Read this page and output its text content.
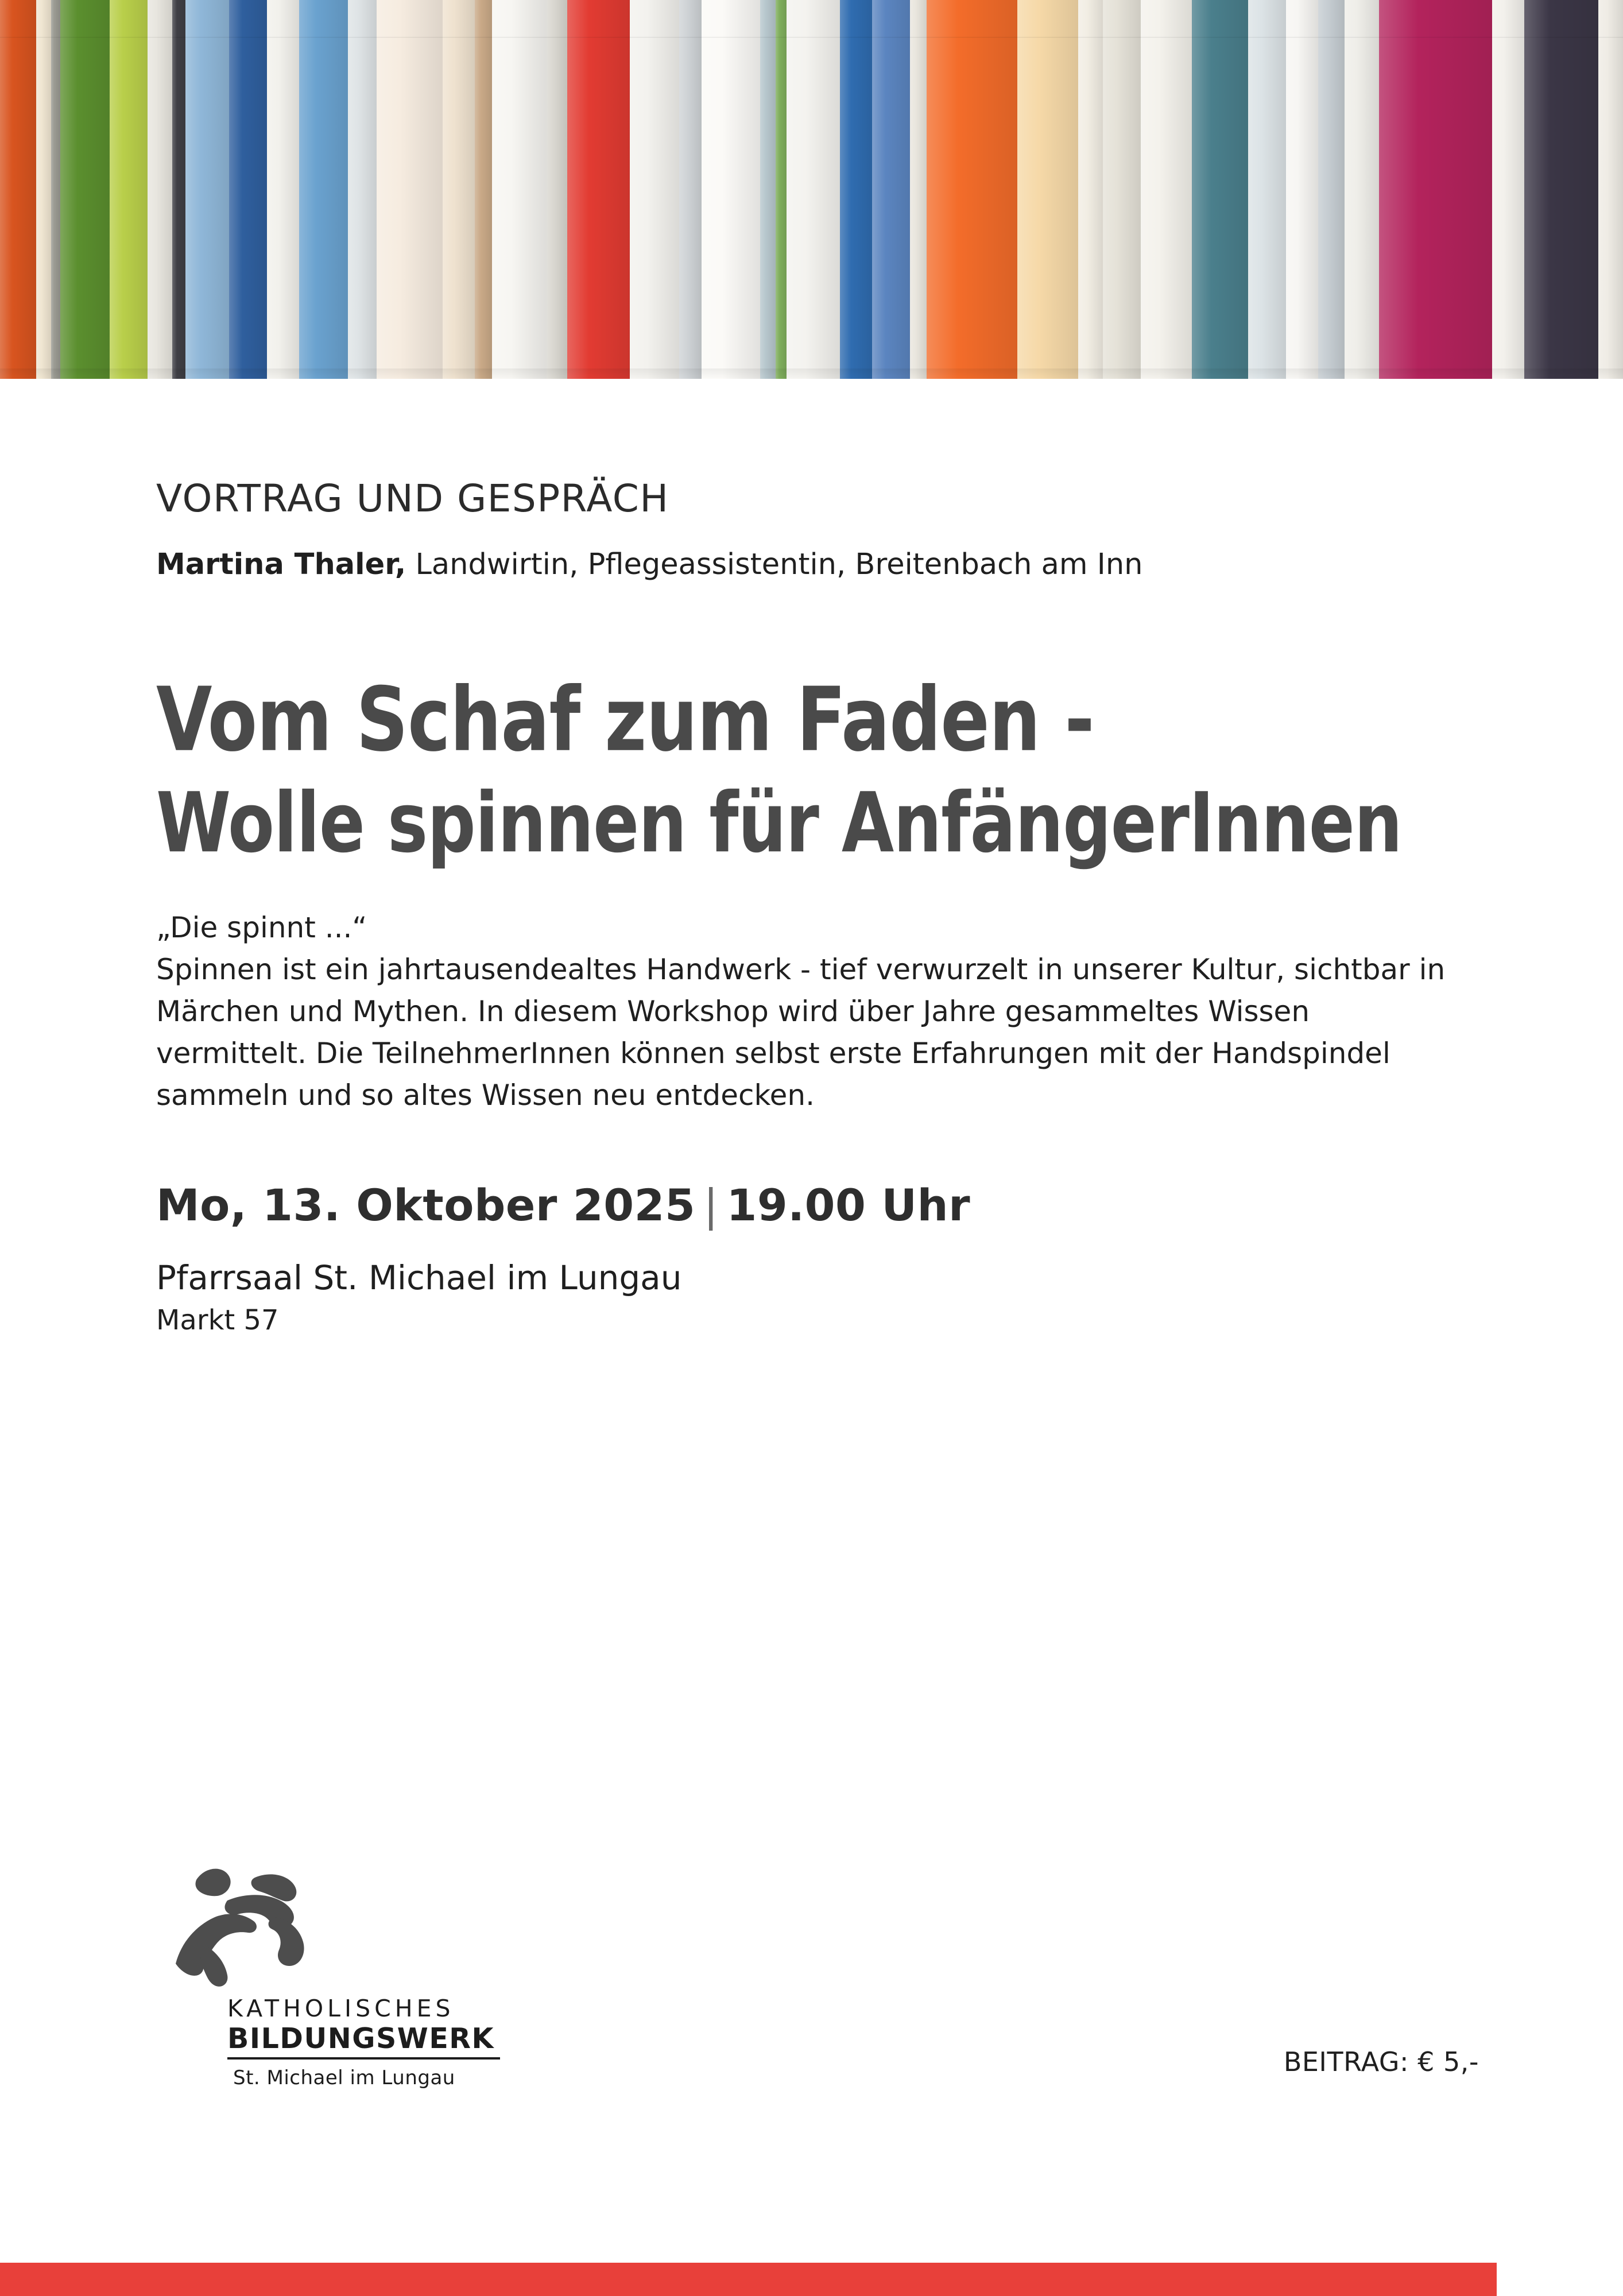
VORTRAG UND GESPRÄCH
Martina Thaler, Landwirtin, Pflegeassistentin, Breitenbach am Inn
Vom Schaf zum Faden -
Wolle spinnen für AnfängerInnen
„Die spinnt ...“
Spinnen ist ein jahrtausendealtes Handwerk - tief verwurzelt in unserer Kultur, sichtbar in Märchen und Mythen. In diesem Workshop wird über Jahre gesammeltes Wissen vermittelt. Die TeilnehmerInnen können selbst erste Erfahrungen mit der Handspindel sammeln und so altes Wissen neu entdecken.
Mo, 13. Oktober 2025 | 19.00 Uhr
Pfarrsaal St. Michael im Lungau
Markt 57
KATHOLISCHES
BILDUNGSWERK
St. Michael im Lungau
BEITRAG: € 5,-
